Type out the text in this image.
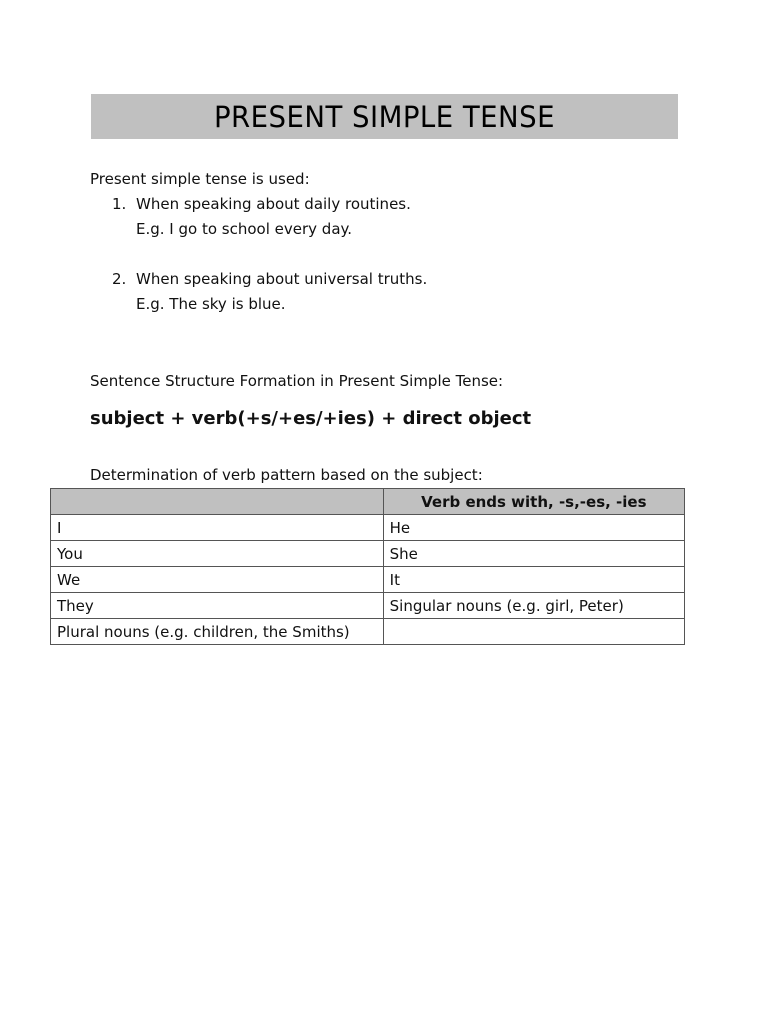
PRESENT SIMPLE TENSE
Present simple tense is used:
1. When speaking about daily routines.
E.g. I go to school every day.
2. When speaking about universal truths.
E.g. The sky is blue.
Sentence Structure Formation in Present Simple Tense:
subject + verb(+s/+es/+ies) + direct object
Determination of verb pattern based on the subject:
	Verb ends with, -s,-es, -ies
I	He
You	She
We	It
They	Singular nouns (e.g. girl, Peter)
Plural nouns (e.g. children, the Smiths)	
